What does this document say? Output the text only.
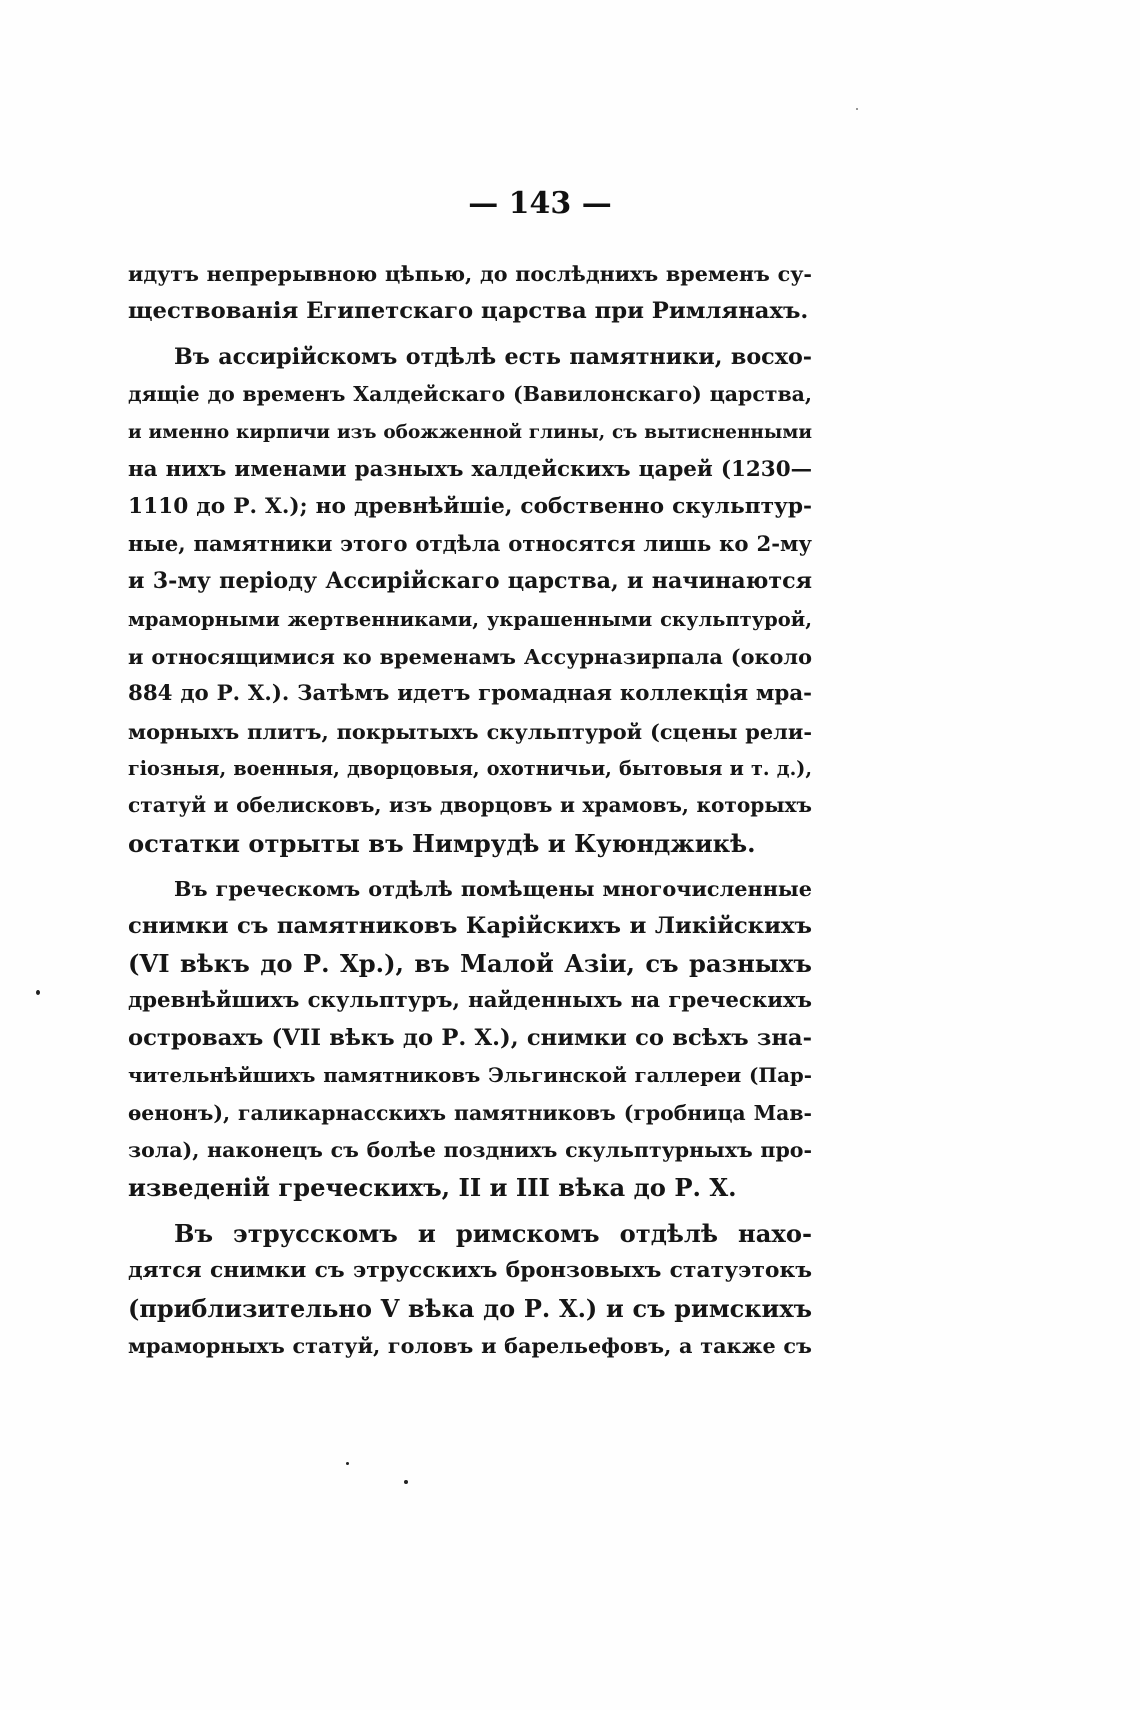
— 143 —
идутъ непрерывною цѣпью, до послѣднихъ временъ су-
ществованія Египетскаго царства при Римлянахъ.
Въ ассирійскомъ отдѣлѣ есть памятники, восхо-
дящіе до временъ Халдейскаго (Вавилонскаго) царства,
и именно кирпичи изъ обожженной глины, съ вытисненными
на нихъ именами разныхъ халдейскихъ царей (1230—
1110 до Р. Х.); но древнѣйшіе, собственно скульптур-
ные, памятники этого отдѣла относятся лишь ко 2-му
и 3-му періоду Ассирійскаго царства, и начинаются
мраморными жертвенниками, украшенными скульптурой,
и относящимися ко временамъ Ассурназирпала (около
884 до Р. Х.). Затѣмъ идетъ громадная коллекція мра-
морныхъ плитъ, покрытыхъ скульптурой (сцены рели-
гіозныя, военныя, дворцовыя, охотничьи, бытовыя и т. д.),
статуй и обелисковъ, изъ дворцовъ и храмовъ, которыхъ
остатки отрыты въ Нимрудѣ и Куюнджикѣ.
Въ греческомъ отдѣлѣ помѣщены многочисленные
снимки съ памятниковъ Карійскихъ и Ликійскихъ
(VI вѣкъ до Р. Хр.), въ Малой Азіи, съ разныхъ
древнѣйшихъ скульптуръ, найденныхъ на греческихъ
островахъ (VII вѣкъ до Р. Х.), снимки со всѣхъ зна-
чительнѣйшихъ памятниковъ Эльгинской галлереи (Пар-
ѳенонъ), галикарнасскихъ памятниковъ (гробница Мав-
зола), наконецъ съ болѣе позднихъ скульптурныхъ про-
изведеній греческихъ, II и III вѣка до Р. Х.
Въ этрусскомъ и римскомъ отдѣлѣ нахо-
дятся снимки съ этрусскихъ бронзовыхъ статуэтокъ
(приблизительно V вѣка до Р. Х.) и съ римскихъ
мраморныхъ статуй, головъ и барельефовъ, а также съ
